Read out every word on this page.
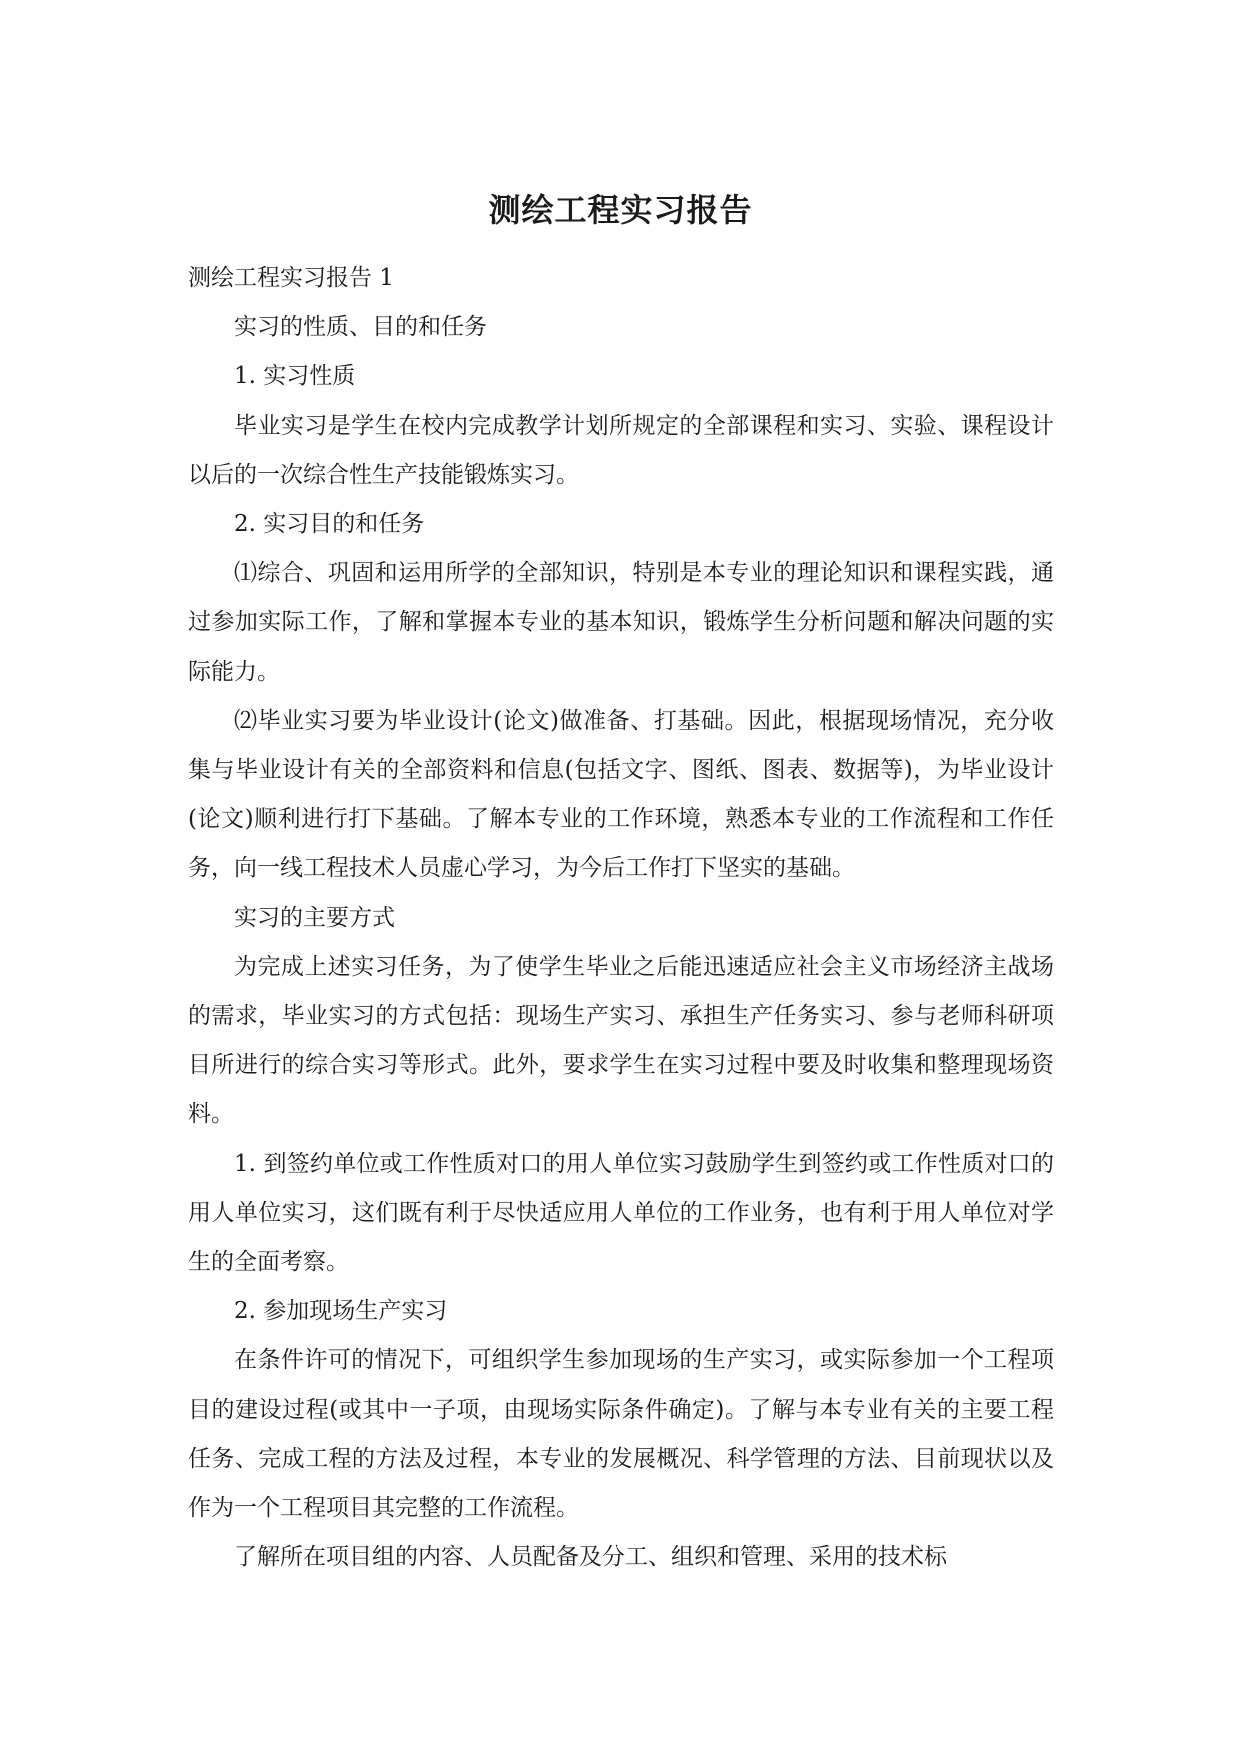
测绘工程实习报告

测绘工程实习报告 1

实习的性质、目的和任务

1. 实习性质

毕业实习是学生在校内完成教学计划所规定的全部课程和实习、实验、课程设计以后的一次综合性生产技能锻炼实习。

2. 实习目的和任务

⑴综合、巩固和运用所学的全部知识，特别是本专业的理论知识和课程实践，通过参加实际工作，了解和掌握本专业的基本知识，锻炼学生分析问题和解决问题的实际能力。

⑵毕业实习要为毕业设计(论文)做准备、打基础。因此，根据现场情况，充分收集与毕业设计有关的全部资料和信息(包括文字、图纸、图表、数据等)，为毕业设计(论文)顺利进行打下基础。了解本专业的工作环境，熟悉本专业的工作流程和工作任务，向一线工程技术人员虚心学习，为今后工作打下坚实的基础。

实习的主要方式

为完成上述实习任务，为了使学生毕业之后能迅速适应社会主义市场经济主战场的需求，毕业实习的方式包括：现场生产实习、承担生产任务实习、参与老师科研项目所进行的综合实习等形式。此外，要求学生在实习过程中要及时收集和整理现场资料。

1. 到签约单位或工作性质对口的用人单位实习鼓励学生到签约或工作性质对口的用人单位实习，这们既有利于尽快适应用人单位的工作业务，也有利于用人单位对学生的全面考察。

2. 参加现场生产实习

在条件许可的情况下，可组织学生参加现场的生产实习，或实际参加一个工程项目的建设过程(或其中一子项，由现场实际条件确定)。了解与本专业有关的主要工程任务、完成工程的方法及过程，本专业的发展概况、科学管理的方法、目前现状以及作为一个工程项目其完整的工作流程。

了解所在项目组的内容、人员配备及分工、组织和管理、采用的技术标
